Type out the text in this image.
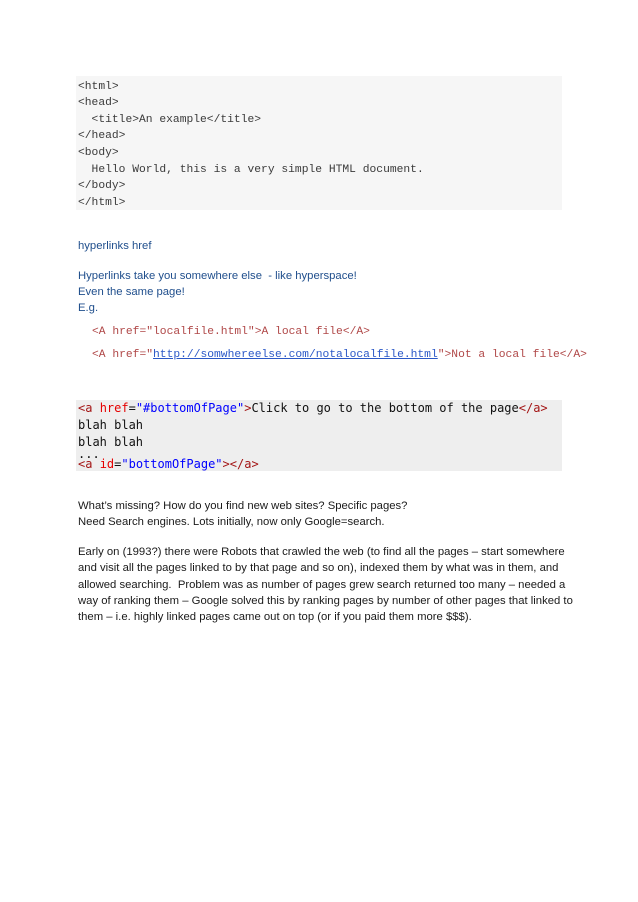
<html>
<head>
<title>An example</title>
</head>
<body>
Hello World, this is a very simple HTML document.
</body>
</html>
hyperlinks href
Hyperlinks take you somewhere else  - like hyperspace!
Even the same page!
E.g.
<A href="localfile.html">A local file</A>
<A href="http://somwhereelse.com/notalocalfile.html">Not a local file</A>
<a href="#bottomOfPage">Click to go to the bottom of the page</a>
blah blah
blah blah
...
<a id="bottomOfPage"></a>
What’s missing? How do you find new web sites? Specific pages?
Need Search engines. Lots initially, now only Google=search.
Early on (1993?) there were Robots that crawled the web (to find all the pages – start somewhere
and visit all the pages linked to by that page and so on), indexed them by what was in them, and
allowed searching.  Problem was as number of pages grew search returned too many – needed a
way of ranking them – Google solved this by ranking pages by number of other pages that linked to
them – i.e. highly linked pages came out on top (or if you paid them more $$$).
